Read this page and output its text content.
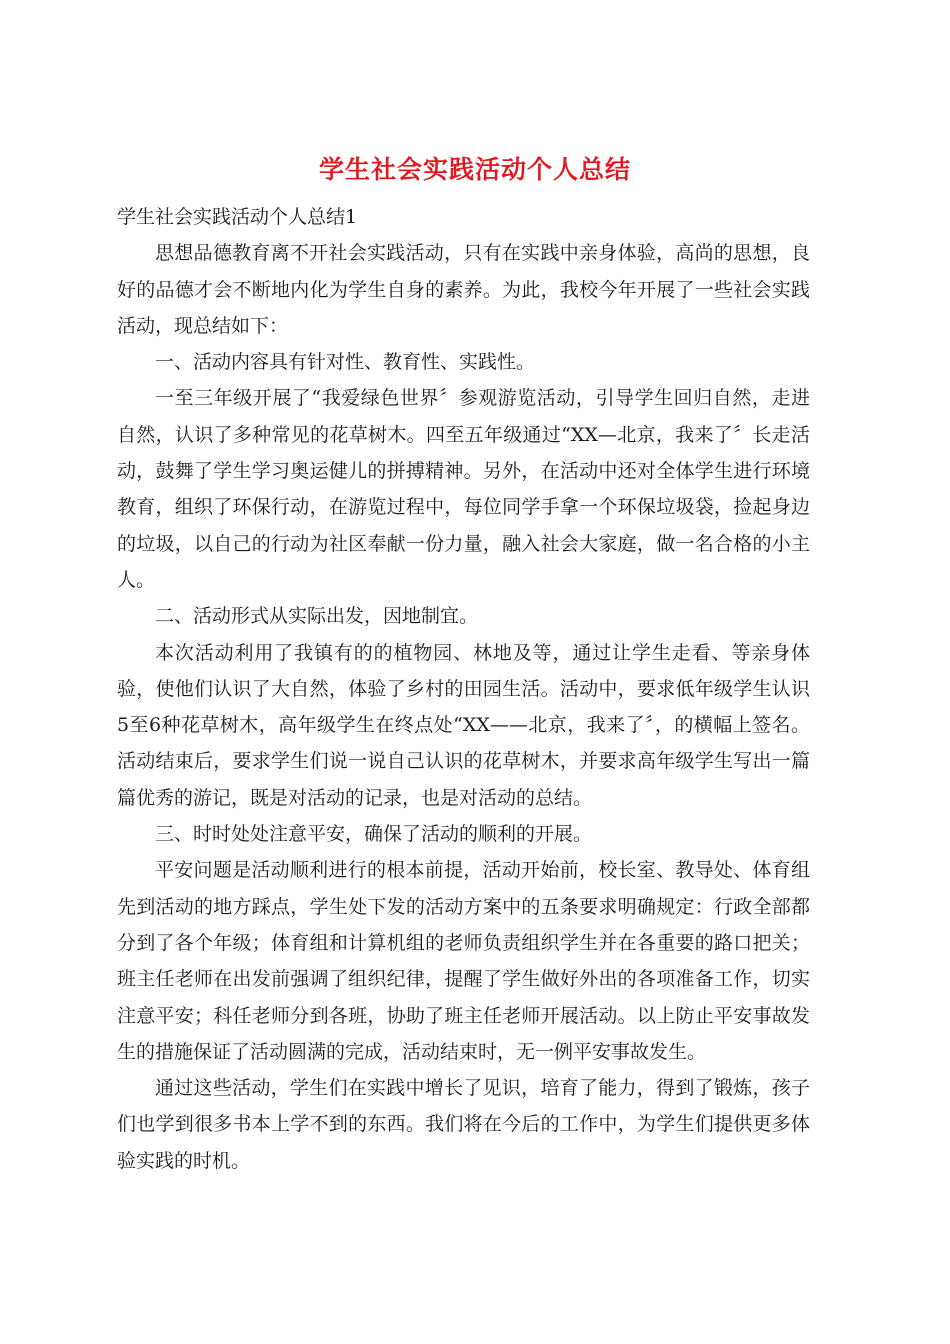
学生社会实践活动个人总结

学生社会实践活动个人总结1

思想品德教育离不开社会实践活动，只有在实践中亲身体验，高尚的思想，良好的品德才会不断地内化为学生自身的素养。为此，我校今年开展了一些社会实践活动，现总结如下：

一、活动内容具有针对性、教育性、实践性。

一至三年级开展了“我爱绿色世界〞参观游览活动，引导学生回归自然，走进自然，认识了多种常见的花草树木。四至五年级通过“XX—北京，我来了〞长走活动，鼓舞了学生学习奥运健儿的拼搏精神。另外，在活动中还对全体学生进行环境教育，组织了环保行动，在游览过程中，每位同学手拿一个环保垃圾袋，捡起身边的垃圾，以自己的行动为社区奉献一份力量，融入社会大家庭，做一名合格的小主人。

二、活动形式从实际出发，因地制宜。

本次活动利用了我镇有的的植物园、林地及等，通过让学生走看、等亲身体验，使他们认识了大自然，体验了乡村的田园生活。活动中，要求低年级学生认识5至6种花草树木，高年级学生在终点处“XX——北京，我来了〞，的横幅上签名。活动结束后，要求学生们说一说自己认识的花草树木，并要求高年级学生写出一篇篇优秀的游记，既是对活动的记录，也是对活动的总结。

三、时时处处注意平安，确保了活动的顺利的开展。

平安问题是活动顺利进行的根本前提，活动开始前，校长室、教导处、体育组先到活动的地方踩点，学生处下发的活动方案中的五条要求明确规定：行政全部都分到了各个年级；体育组和计算机组的老师负责组织学生并在各重要的路口把关；班主任老师在出发前强调了组织纪律，提醒了学生做好外出的各项准备工作，切实注意平安；科任老师分到各班，协助了班主任老师开展活动。以上防止平安事故发生的措施保证了活动圆满的完成，活动结束时，无一例平安事故发生。

通过这些活动，学生们在实践中增长了见识，培育了能力，得到了锻炼，孩子们也学到很多书本上学不到的东西。我们将在今后的工作中，为学生们提供更多体验实践的时机。
